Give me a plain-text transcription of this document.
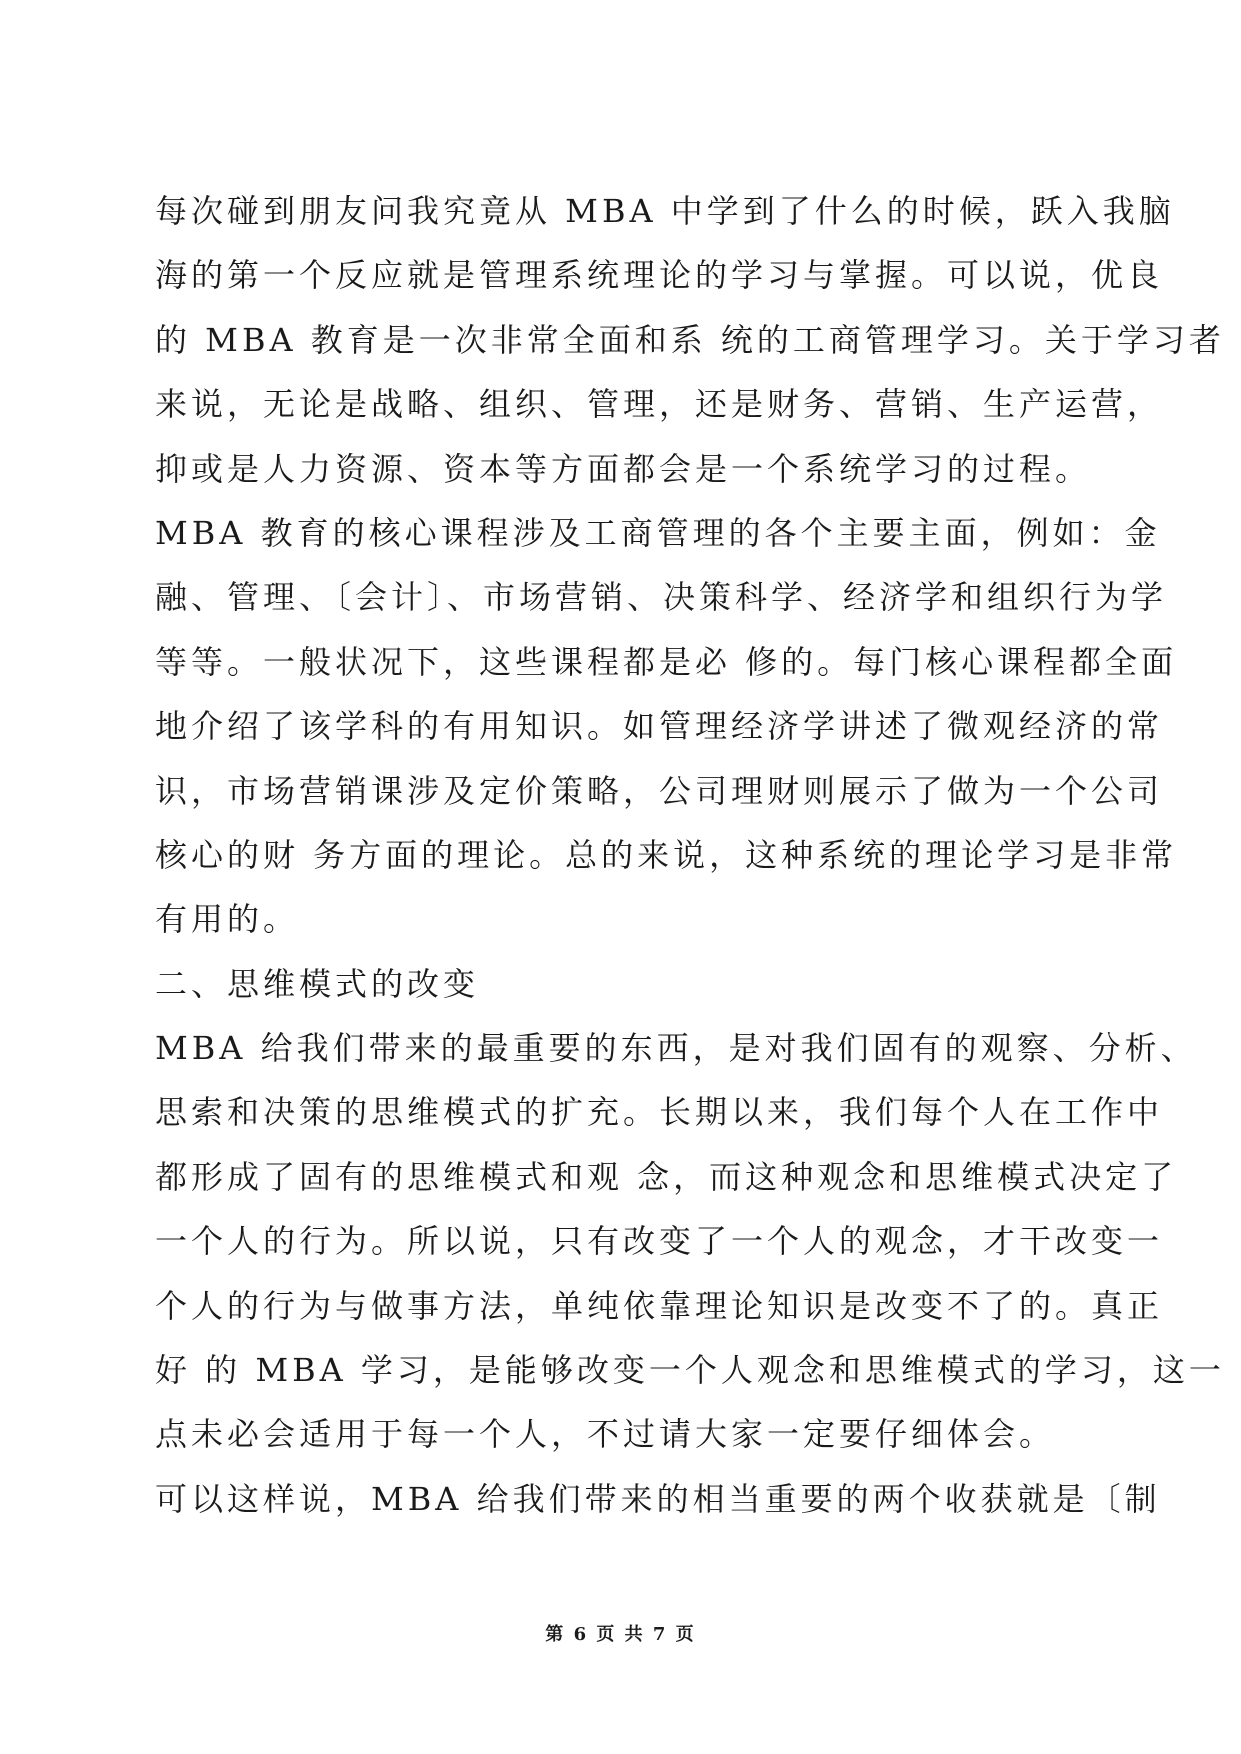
每次碰到朋友问我究竟从 MBA 中学到了什么的时候，跃入我脑
海的第一个反应就是管理系统理论的学习与掌握。可以说，优良
的 MBA 教育是一次非常全面和系 统的工商管理学习。关于学习者
来说，无论是战略、组织、管理，还是财务、营销、生产运营，
抑或是人力资源、资本等方面都会是一个系统学习的过程。
MBA 教育的核心课程涉及工商管理的各个主要主面，例如：金
融、管理、〔会计〕、市场营销、决策科学、经济学和组织行为学
等等。一般状况下，这些课程都是必 修的。每门核心课程都全面
地介绍了该学科的有用知识。如管理经济学讲述了微观经济的常
识，市场营销课涉及定价策略，公司理财则展示了做为一个公司
核心的财 务方面的理论。总的来说，这种系统的理论学习是非常
有用的。
二、思维模式的改变
MBA 给我们带来的最重要的东西，是对我们固有的观察、分析、
思索和决策的思维模式的扩充。长期以来，我们每个人在工作中
都形成了固有的思维模式和观 念，而这种观念和思维模式决定了
一个人的行为。所以说，只有改变了一个人的观念，才干改变一
个人的行为与做事方法，单纯依靠理论知识是改变不了的。真正
好 的 MBA 学习，是能够改变一个人观念和思维模式的学习，这一
点未必会适用于每一个人，不过请大家一定要仔细体会。
可以这样说，MBA 给我们带来的相当重要的两个收获就是〔制
第 6 页 共 7 页
